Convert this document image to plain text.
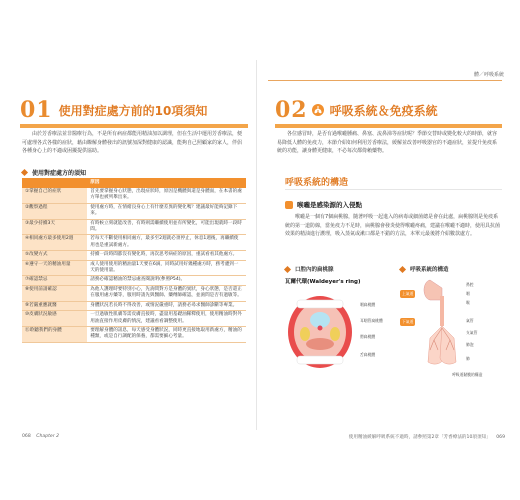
01 使用對症處方前的10項須知
由於芳香療法並非醫療行為，不是所有病症都能用精油加以調理，但在生活中運用芳香療法，便可處理各式各樣的症狀，藉由瞭解身體發出的訊號加深對健康的認識，能夠自己照顧家的家人，伴侶各種身心上的不適或困擾提供協助。
使用對症處方的須知
	原因
①掌握自己的症狀	首先要掌握身心狀態，出現症狀時，原因是機體與還是身體面，在本書的處方單也被列舉出來。
②觀察過程	使用處方時，在情緒良身心上有什麼差異的變化嗎？建議最好能夠記錄下來。
③最少持續3天	有時候立刻就能改善，有時則需繼續使用並有所變化，可能出現就時一段時間。
④相同處方最多使用2週	若每天不斷使用相同處方，最多至2週就必須停止，休息1週後，再繼續使用也是重試新處方。
⑤改變方式	持續一段時間都沒有變化時，再次思考病症的原因，重試看看其他處方。
⑥遵守一天的精油用量	成人使用使用的精油量1天要在6滴，同時試用好幾種處方時，務考慮到一天的使用量。
⑦確認禁忌	請務必確認精油的禁忌處查閱說明(參照P54)。
⑧使用前請確認	為他人護理時要特別小心，先詢問對方是身體的異狀，身心狀態，是否還正在服用處方藥等，服用時請先與醫師、藥劑師確認，並詢問是否有過敏等。
⑨若嚴重應就醫	身體狀況若長時不得改善，或情況嚴重時，請務必尋求醫師診斷等專業。
⑩皮膚狀況敏感	一旦過敏性肌膚等需皮膚直接時，盡量用基礎油稀釋使用，使用精油時對外用油直接作用皮膚的情況，建議看看調整使用。
⑪聆聽我們的身體	要理解身體的訊息，每天感受身體狀況，同時更直接地取用新處方，精油的種類，或是自行調配的保養，都需要細心考量。
068 Chapter 2
體／呼吸系統
02 呼吸系統＆免疫系統
各位感冒時，是否有過喉嚨腫痛、鼻塞、流鼻涕等症狀呢？季節交替時或變化較大的時節，就容易降低人體的免疫力，本節介紹如何利用芳香療法，緩解並改善呼吸器官的不適症狀，並提升免疫系統的功能，讓身體更健康，不必每次都倚賴藥物。
呼吸系統的構造
喉嚨是感染源的入侵點
喉嚨是一個有7個扁桃腺，隨著呼吸一起進入的病毒或細菌總是會在此處，扁桃腺則是免疫系統的第一道防線，當免疫力不足時，扁桃腺會發炎使得喉嚨疼痛，建議在喉嚨不適時，使用具抗菌效果的精油進行護理，吸入蒸氣或漱口都是不錯的方法，本單元最後將介紹數款處方。
口腔內的扁桃腺
瓦爾代環(Waldeyer's ring)
咽扁桃體
耳咽管扁桃體
腭扁桃體
舌扁桃體
呼吸系統的構造
上氣道
下氣道
鼻腔
咽
喉
氣管
支氣管
肺泡
肺
呼吸道黏膜的構造
使用精油緩解呼吸系統不適時，請參照第2章「芳香療法的10項須知」 069
